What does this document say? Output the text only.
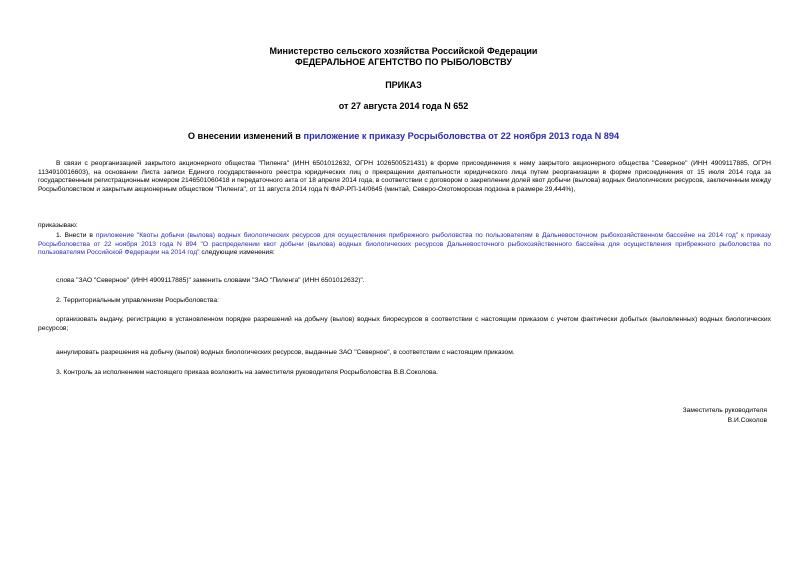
Министерство сельского хозяйства Российской Федерации
ФЕДЕРАЛЬНОЕ АГЕНТСТВО ПО РЫБОЛОВСТВУ
ПРИКАЗ
от 27 августа 2014 года N 652
О внесении изменений в приложение к приказу Росрыболовства от 22 ноября 2013 года N 894
В связи с реорганизацией закрытого акционерного общества "Пиленга" (ИНН 6501012632, ОГРН 1026500521431) в форме присоединения к нему закрытого акционерного общества "Северное" (ИНН 4909117885, ОГРН 1134910016603), на основании Листа записи Единого государственного реестра юридических лиц о прекращении деятельности юридического лица путем реорганизации в форме присоединения от 15 июля 2014 года за государственным регистрационным номером 2146501060418 и передаточного акта от 18 апреля 2014 года, в соответствии с договором о закреплении долей квот добычи (вылова) водных биологических ресурсов, заключенным между Росрыболовством и закрытым акционерным обществом "Пиленга", от 11 августа 2014 года N ФАР-РП-14/0645 (минтай, Северо-Охотоморская подзона в размере 29,444%),
приказываю:
1. Внести в приложение "Квоты добычи (вылова) водных биологических ресурсов для осуществления прибрежного рыболовства по пользователям в Дальневосточном рыбохозяйственном бассейне на 2014 год" к приказу Росрыболовства от 22 ноября 2013 года N 894 "О распределении квот добычи (вылова) водных биологических ресурсов Дальневосточного рыбохозяйственного бассейна для осуществления прибрежного рыболовства по пользователям Российской Федерации на 2014 год" следующие изменения:
слова "ЗАО "Северное" (ИНН 4909117885)" заменить словами "ЗАО "Пиленга" (ИНН 6501012632)".
2. Территориальным управлениям Росрыболовства:
организовать выдачу, регистрацию в установленном порядке разрешений на добычу (вылов) водных биоресурсов в соответствии с настоящим приказом с учетом фактически добытых (выловленных) водных биологических ресурсов;
аннулировать разрешения на добычу (вылов) водных биологических ресурсов, выданные ЗАО "Северное", в соответствии с настоящим приказом.
3. Контроль за исполнением настоящего приказа возложить на заместителя руководителя Росрыболовства В.В.Соколова.
Заместитель руководителя
В.И.Соколов
